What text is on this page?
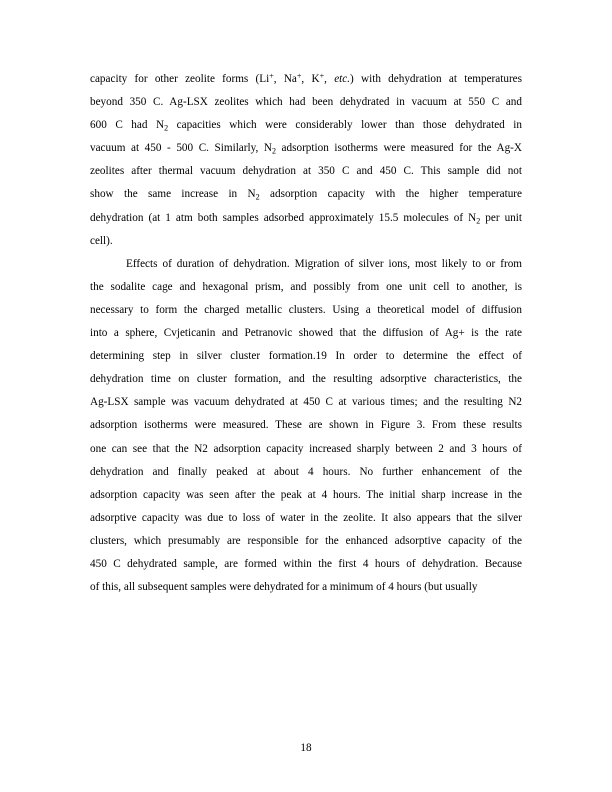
capacity for other zeolite forms (Li+, Na+, K+, etc.) with dehydration at temperatures
beyond 350 C. Ag-LSX zeolites which had been dehydrated in vacuum at 550 C and
600 C had $N_2$ capacities which were considerably lower than those dehydrated in
vacuum at 450 - 500 C. Similarly, $N_2$ adsorption isotherms were measured for the Ag-X
zeolites after thermal vacuum dehydration at 350 C and 450 C. This sample did not
show the same increase in $N_2$ adsorption capacity with the higher temperature
dehydration (at 1 atm both samples adsorbed approximately 15.5 molecules of $N_2$ per unit
cell).
Effects of duration of dehydration. Migration of silver ions, most likely to or from
the sodalite cage and hexagonal prism, and possibly from one unit cell to another, is
necessary to form the charged metallic clusters. Using a theoretical model of diffusion
into a sphere, Cvjeticanin and Petranovic showed that the diffusion of Ag+ is the rate
determining step in silver cluster formation.19 In order to determine the effect of
dehydration time on cluster formation, and the resulting adsorptive characteristics, the
Ag-LSX sample was vacuum dehydrated at 450 C at various times; and the resulting N2
adsorption isotherms were measured. These are shown in Figure 3. From these results
one can see that the N2 adsorption capacity increased sharply between 2 and 3 hours of
dehydration and finally peaked at about 4 hours. No further enhancement of the
adsorption capacity was seen after the peak at 4 hours. The initial sharp increase in the
adsorptive capacity was due to loss of water in the zeolite. It also appears that the silver
clusters, which presumably are responsible for the enhanced adsorptive capacity of the
450 C dehydrated sample, are formed within the first 4 hours of dehydration. Because
of this, all subsequent samples were dehydrated for a minimum of 4 hours (but usually
18
